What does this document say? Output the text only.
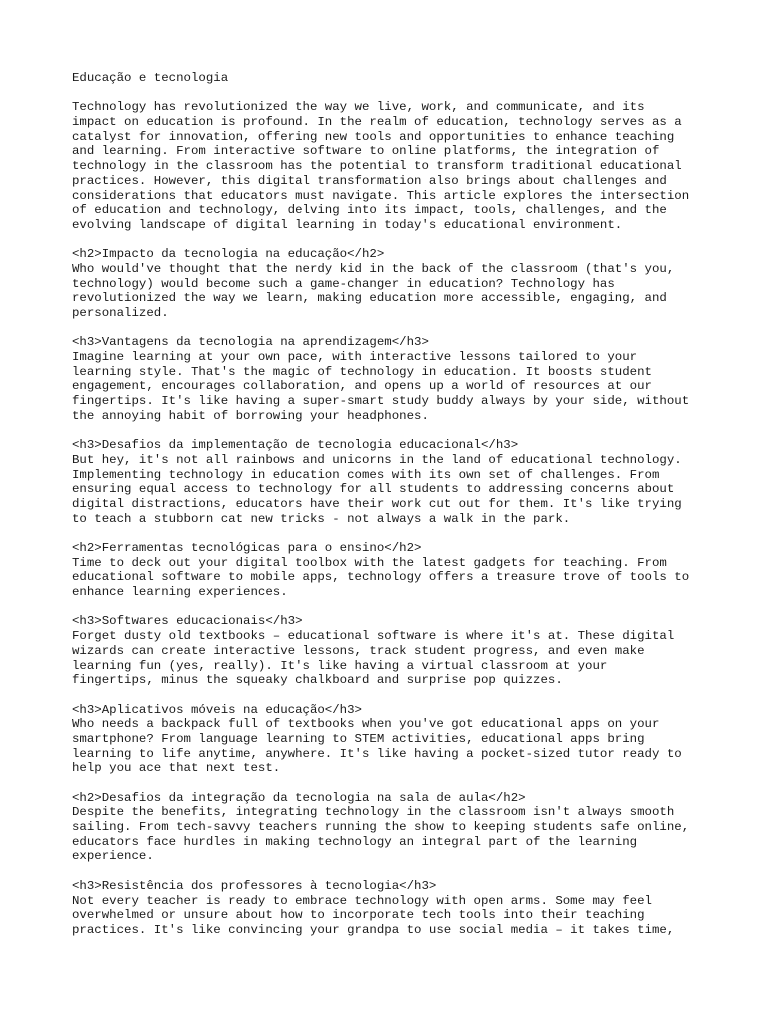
Educação e tecnologia
Technology has revolutionized the way we live, work, and communicate, and its
impact on education is profound. In the realm of education, technology serves as a
catalyst for innovation, offering new tools and opportunities to enhance teaching
and learning. From interactive software to online platforms, the integration of
technology in the classroom has the potential to transform traditional educational
practices. However, this digital transformation also brings about challenges and
considerations that educators must navigate. This article explores the intersection
of education and technology, delving into its impact, tools, challenges, and the
evolving landscape of digital learning in today's educational environment.
<h2>Impacto da tecnologia na educação</h2>
Who would've thought that the nerdy kid in the back of the classroom (that's you,
technology) would become such a game-changer in education? Technology has
revolutionized the way we learn, making education more accessible, engaging, and
personalized.
<h3>Vantagens da tecnologia na aprendizagem</h3>
Imagine learning at your own pace, with interactive lessons tailored to your
learning style. That's the magic of technology in education. It boosts student
engagement, encourages collaboration, and opens up a world of resources at our
fingertips. It's like having a super-smart study buddy always by your side, without
the annoying habit of borrowing your headphones.
<h3>Desafios da implementação de tecnologia educacional</h3>
But hey, it's not all rainbows and unicorns in the land of educational technology.
Implementing technology in education comes with its own set of challenges. From
ensuring equal access to technology for all students to addressing concerns about
digital distractions, educators have their work cut out for them. It's like trying
to teach a stubborn cat new tricks - not always a walk in the park.
<h2>Ferramentas tecnológicas para o ensino</h2>
Time to deck out your digital toolbox with the latest gadgets for teaching. From
educational software to mobile apps, technology offers a treasure trove of tools to
enhance learning experiences.
<h3>Softwares educacionais</h3>
Forget dusty old textbooks – educational software is where it's at. These digital
wizards can create interactive lessons, track student progress, and even make
learning fun (yes, really). It's like having a virtual classroom at your
fingertips, minus the squeaky chalkboard and surprise pop quizzes.
<h3>Aplicativos móveis na educação</h3>
Who needs a backpack full of textbooks when you've got educational apps on your
smartphone? From language learning to STEM activities, educational apps bring
learning to life anytime, anywhere. It's like having a pocket-sized tutor ready to
help you ace that next test.
<h2>Desafios da integração da tecnologia na sala de aula</h2>
Despite the benefits, integrating technology in the classroom isn't always smooth
sailing. From tech-savvy teachers running the show to keeping students safe online,
educators face hurdles in making technology an integral part of the learning
experience.
<h3>Resistência dos professores à tecnologia</h3>
Not every teacher is ready to embrace technology with open arms. Some may feel
overwhelmed or unsure about how to incorporate tech tools into their teaching
practices. It's like convincing your grandpa to use social media – it takes time,
